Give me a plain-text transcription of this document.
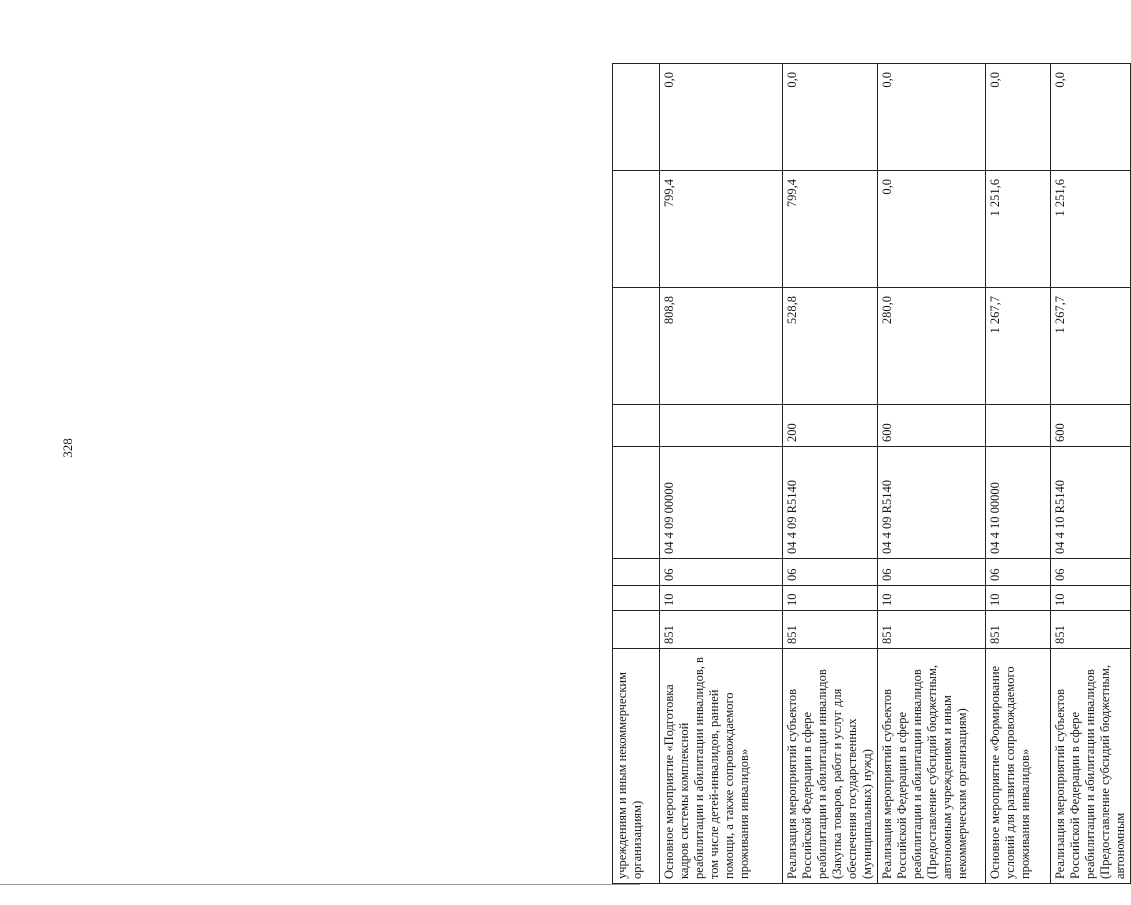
328
учреждениям и иным некоммерческим организациям)								
Основное мероприятие «Подготовка кадров системы комплексной реабилитации и абилитации инвалидов, в том числе детей-инвалидов, ранней помощи, а также сопровождаемого проживания инвалидов»	851	10	06	04 4 09 00000		808,8	799,4	0,0
Реализация мероприятий субъектов Российской Федерации в сфере реабилитации и абилитации инвалидов (Закупка товаров, работ и услуг для обеспечения государственных (муниципальных) нужд)	851	10	06	04 4 09 R5140	200	528,8	799,4	0,0
Реализация мероприятий субъектов Российской Федерации в сфере реабилитации и абилитации инвалидов (Предоставление субсидий бюджетным, автономным учреждениям и иным некоммерческим организациям)	851	10	06	04 4 09 R5140	600	280,0	0,0	0,0
Основное мероприятие «Формирование условий для развития сопровождаемого проживания инвалидов»	851	10	06	04 4 10 00000		1 267,7	1 251,6	0,0
Реализация мероприятий субъектов Российской Федерации в сфере реабилитации и абилитации инвалидов (Предоставление субсидий бюджетным, автономным	851	10	06	04 4 10 R5140	600	1 267,7	1 251,6	0,0
